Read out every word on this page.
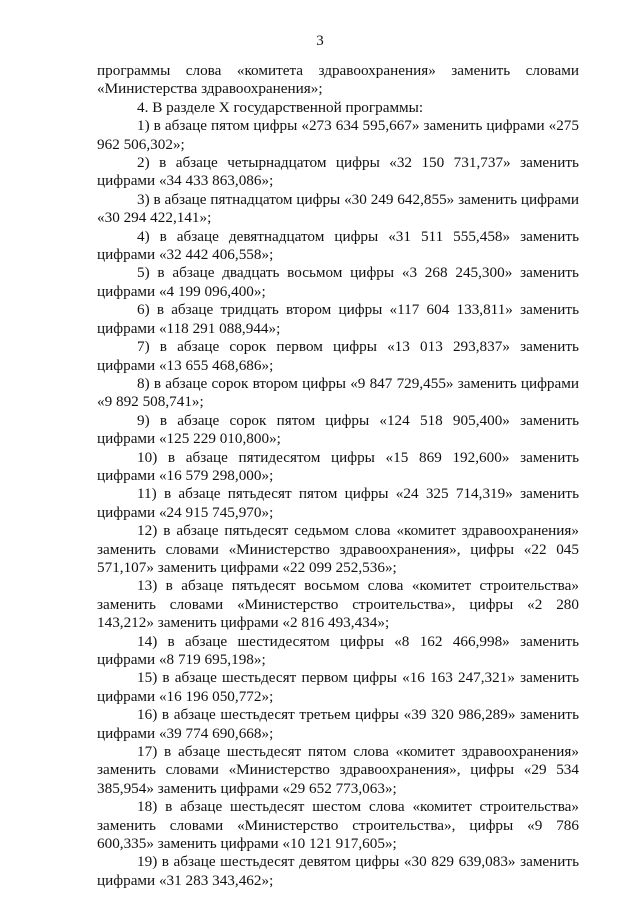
3

программы слова «комитета здравоохранения» заменить словами «Министерства здравоохранения»;

4. В разделе X государственной программы:

1) в абзаце пятом цифры «273 634 595,667» заменить цифрами «275 962 506,302»;

2) в абзаце четырнадцатом цифры «32 150 731,737» заменить цифрами «34 433 863,086»;

3) в абзаце пятнадцатом цифры «30 249 642,855» заменить цифрами «30 294 422,141»;

4) в абзаце девятнадцатом цифры «31 511 555,458» заменить цифрами «32 442 406,558»;

5) в абзаце двадцать восьмом цифры «3 268 245,300» заменить цифрами «4 199 096,400»;

6) в абзаце тридцать втором цифры «117 604 133,811» заменить цифрами «118 291 088,944»;

7) в абзаце сорок первом цифры «13 013 293,837» заменить цифрами «13 655 468,686»;

8) в абзаце сорок втором цифры «9 847 729,455» заменить цифрами «9 892 508,741»;

9) в абзаце сорок пятом цифры «124 518 905,400» заменить цифрами «125 229 010,800»;

10) в абзаце пятидесятом цифры «15 869 192,600» заменить цифрами «16 579 298,000»;

11) в абзаце пятьдесят пятом цифры «24 325 714,319» заменить цифрами «24 915 745,970»;

12) в абзаце пятьдесят седьмом слова «комитет здравоохранения» заменить словами «Министерство здравоохранения», цифры «22 045 571,107» заменить цифрами «22 099 252,536»;

13) в абзаце пятьдесят восьмом слова «комитет строительства» заменить словами «Министерство строительства», цифры «2 280 143,212» заменить цифрами «2 816 493,434»;

14) в абзаце шестидесятом цифры «8 162 466,998» заменить цифрами «8 719 695,198»;

15) в абзаце шестьдесят первом цифры «16 163 247,321» заменить цифрами «16 196 050,772»;

16) в абзаце шестьдесят третьем цифры «39 320 986,289» заменить цифрами «39 774 690,668»;

17) в абзаце шестьдесят пятом слова «комитет здравоохранения» заменить словами «Министерство здравоохранения», цифры «29 534 385,954» заменить цифрами «29 652 773,063»;

18) в абзаце шестьдесят шестом слова «комитет строительства» заменить словами «Министерство строительства», цифры «9 786 600,335» заменить цифрами «10 121 917,605»;

19) в абзаце шестьдесят девятом цифры «30 829 639,083» заменить цифрами «31 283 343,462»;
